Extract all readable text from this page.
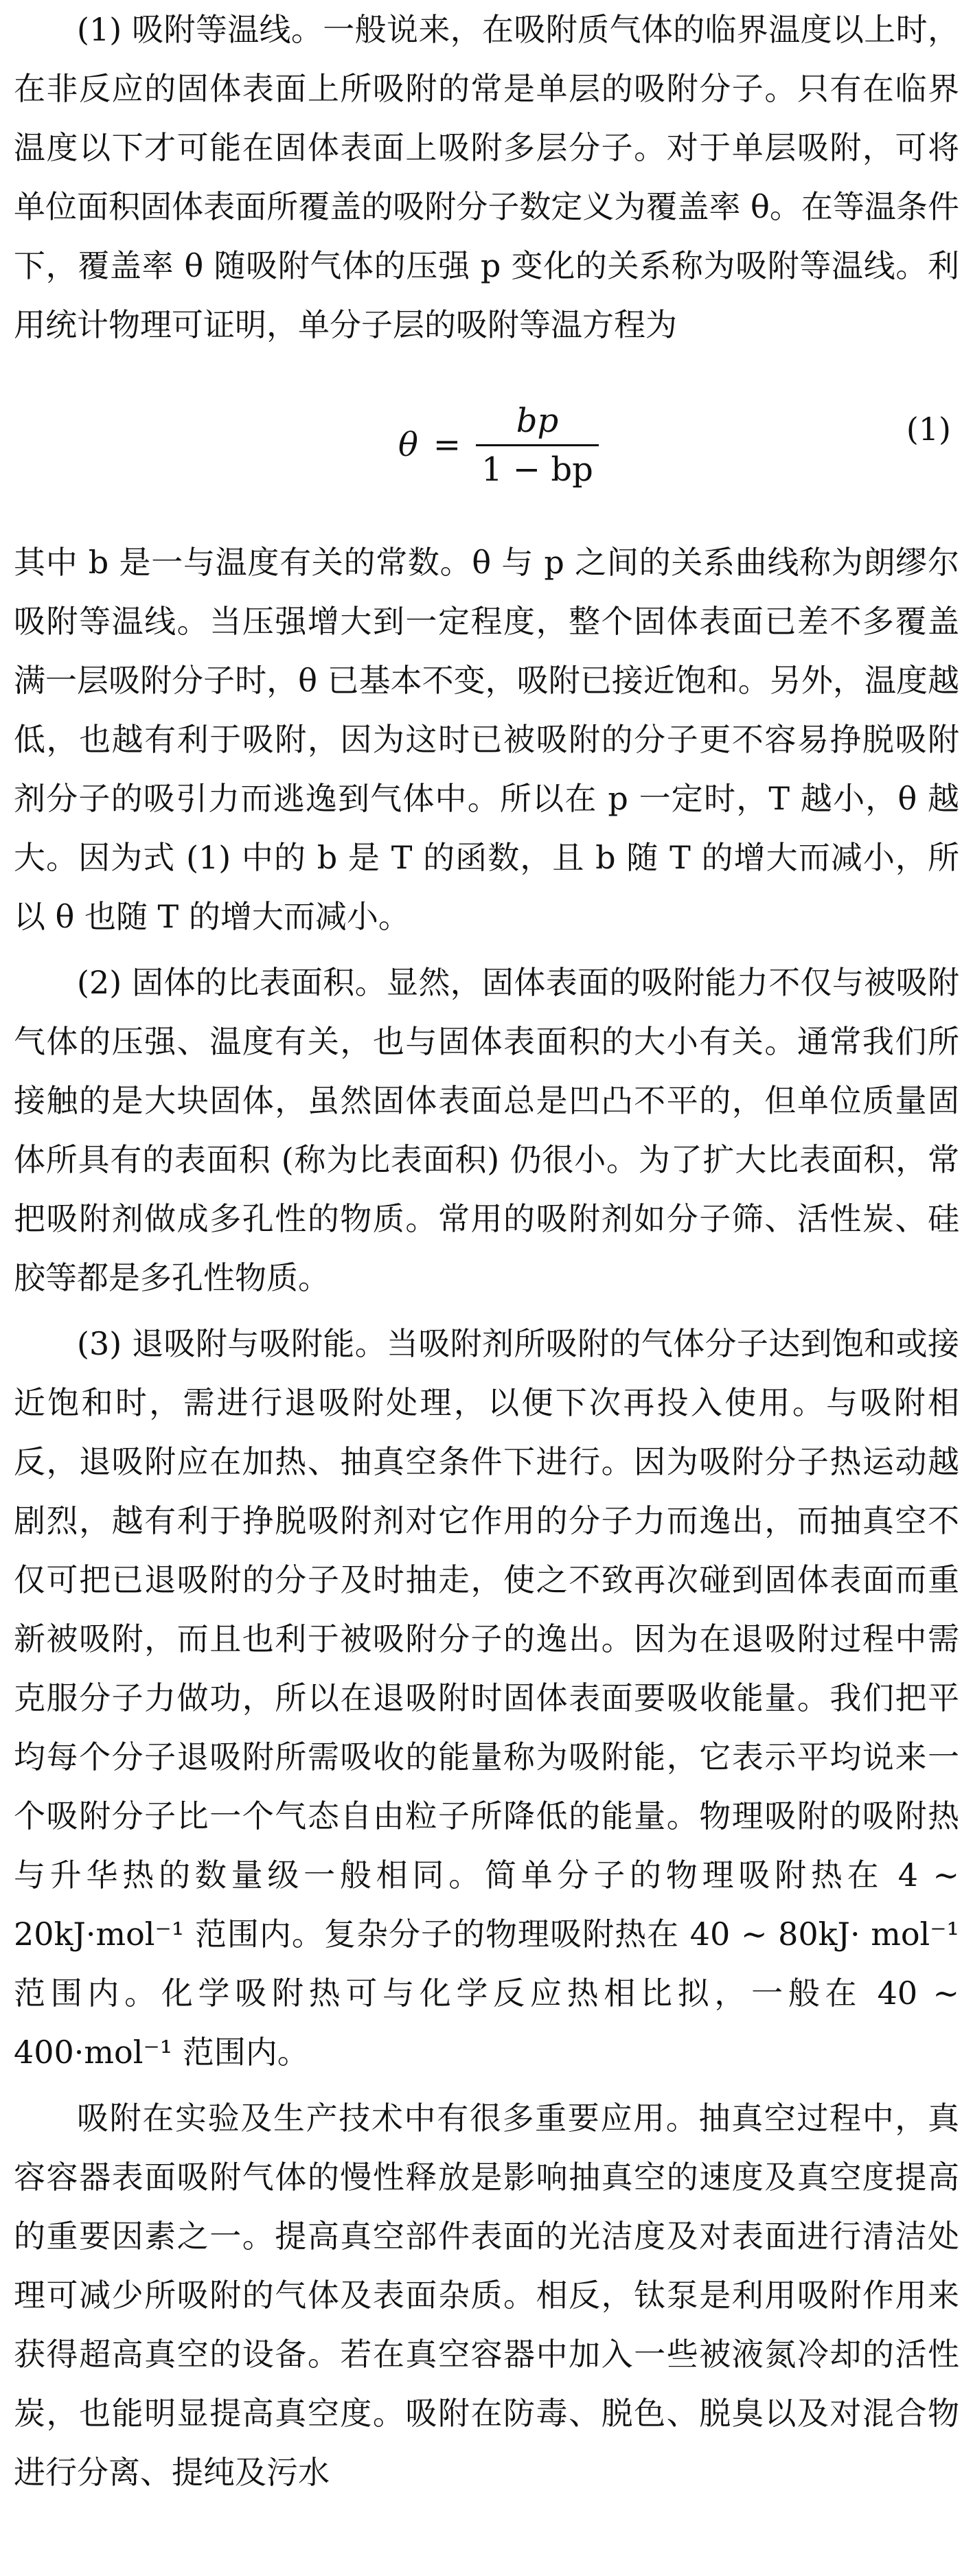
(1) 吸附等温线。一般说来，在吸附质气体的临界温度以上时，在非反应的固体表面上所吸附的常是单层的吸附分子。只有在临界温度以下才可能在固体表面上吸附多层分子。对于单层吸附，可将单位面积固体表面所覆盖的吸附分子数定义为覆盖率 θ。在等温条件下，覆盖率 θ 随吸附气体的压强 p 变化的关系称为吸附等温线。利用统计物理可证明，单分子层的吸附等温方程为

$\theta = \frac{bp}{1 - bp}$	(1)

其中 b 是一与温度有关的常数。θ 与 p 之间的关系曲线称为朗缪尔吸附等温线。当压强增大到一定程度，整个固体表面已差不多覆盖满一层吸附分子时，θ 已基本不变，吸附已接近饱和。另外，温度越低，也越有利于吸附，因为这时已被吸附的分子更不容易挣脱吸附剂分子的吸引力而逃逸到气体中。所以在 p 一定时，T 越小，θ 越大。因为式 (1) 中的 b 是 T 的函数，且 b 随 T 的增大而减小，所以 θ 也随 T 的增大而减小。

(2) 固体的比表面积。显然，固体表面的吸附能力不仅与被吸附气体的压强、温度有关，也与固体表面积的大小有关。通常我们所接触的是大块固体，虽然固体表面总是凹凸不平的，但单位质量固体所具有的表面积 (称为比表面积) 仍很小。为了扩大比表面积，常把吸附剂做成多孔性的物质。常用的吸附剂如分子筛、活性炭、硅胶等都是多孔性物质。

(3) 退吸附与吸附能。当吸附剂所吸附的气体分子达到饱和或接近饱和时，需进行退吸附处理，以便下次再投入使用。与吸附相反，退吸附应在加热、抽真空条件下进行。因为吸附分子热运动越剧烈，越有利于挣脱吸附剂对它作用的分子力而逸出，而抽真空不仅可把已退吸附的分子及时抽走，使之不致再次碰到固体表面而重新被吸附，而且也利于被吸附分子的逸出。因为在退吸附过程中需克服分子力做功，所以在退吸附时固体表面要吸收能量。我们把平均每个分子退吸附所需吸收的能量称为吸附能，它表示平均说来一个吸附分子比一个气态自由粒子所降低的能量。物理吸附的吸附热与升华热的数量级一般相同。简单分子的物理吸附热在 4 ∼ 20kJ·mol⁻¹ 范围内。复杂分子的物理吸附热在 40 ∼ 80kJ· mol⁻¹ 范围内。化学吸附热可与化学反应热相比拟，一般在 40 ∼ 400·mol⁻¹ 范围内。

吸附在实验及生产技术中有很多重要应用。抽真空过程中，真容容器表面吸附气体的慢性释放是影响抽真空的速度及真空度提高的重要因素之一。提高真空部件表面的光洁度及对表面进行清洁处理可减少所吸附的气体及表面杂质。相反，钛泵是利用吸附作用来获得超高真空的设备。若在真空容器中加入一些被液氮冷却的活性炭，也能明显提高真空度。吸附在防毒、脱色、脱臭以及对混合物进行分离、提纯及污水
